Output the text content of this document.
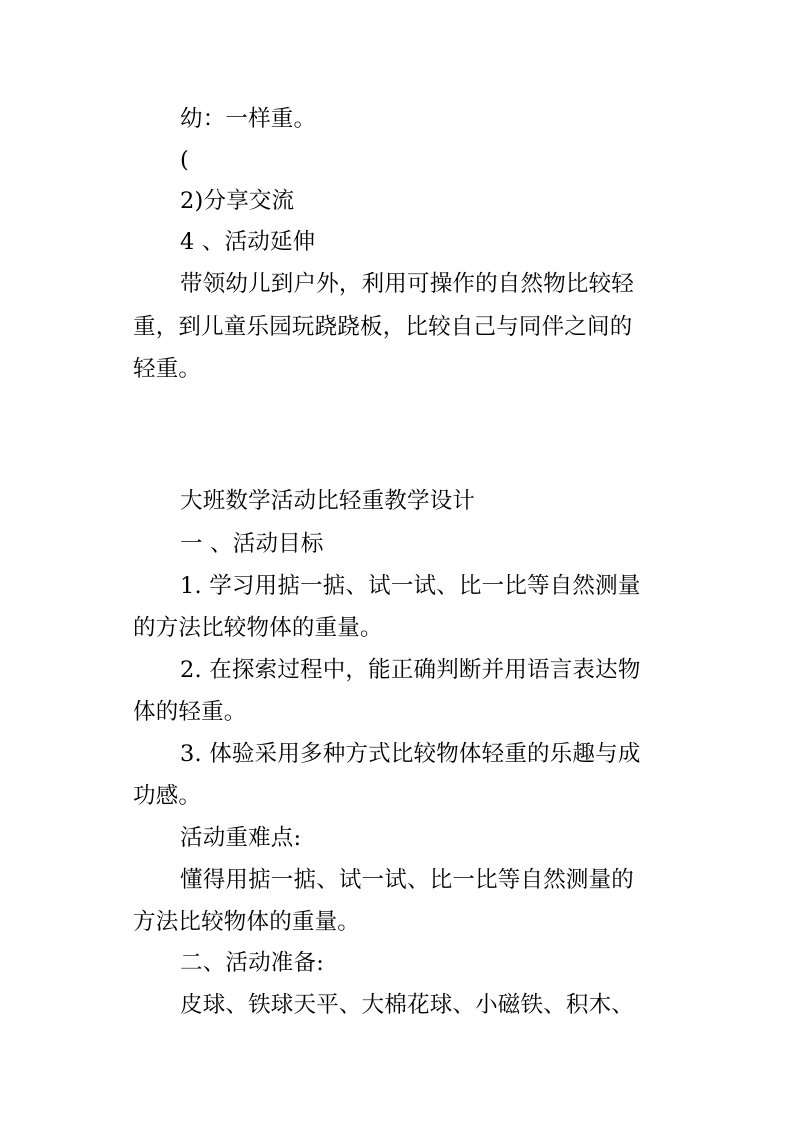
幼：一样重。
(
2)分享交流
4 、活动延伸
带领幼儿到户外，利用可操作的自然物比较轻
重，到儿童乐园玩跷跷板，比较自己与同伴之间的
轻重。
大班数学活动比轻重教学设计
一 、活动目标
1. 学习用掂一掂、试一试、比一比等自然测量
的方法比较物体的重量。
2. 在探索过程中，能正确判断并用语言表达物
体的轻重。
3. 体验采用多种方式比较物体轻重的乐趣与成
功感。
活动重难点:
懂得用掂一掂、试一试、比一比等自然测量的
方法比较物体的重量。
二、活动准备:
皮球、铁球天平、大棉花球、小磁铁、积木、
